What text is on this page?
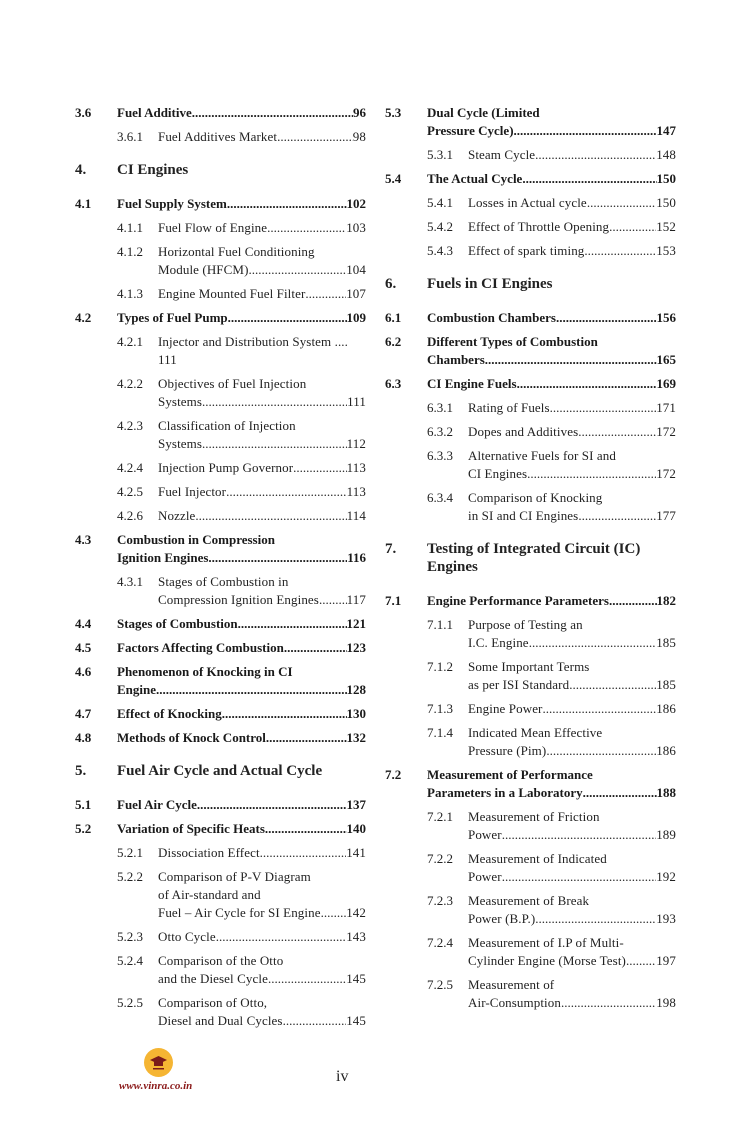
3.6 Fuel Additive .....	96
3.6.1 Fuel Additives Market .....	98
4. CI Engines
4.1 Fuel Supply System .....	102
4.1.1 Fuel Flow of Engine .....	103
4.1.2 Horizontal Fuel Conditioning
Module (HFCM) .....	104
4.1.3 Engine Mounted Fuel Filter .....	107
4.2 Types of Fuel Pump .....	109
4.2.1 Injector and Distribution System ....
111
4.2.2 Objectives of Fuel Injection
Systems .....	111
4.2.3 Classification of Injection
Systems .....	112
4.2.4 Injection Pump Governor .....	113
4.2.5 Fuel Injector .....	113
4.2.6 Nozzle .....	114
4.3 Combustion in Compression
Ignition Engines .....	116
4.3.1 Stages of Combustion in
Compression Ignition Engines ..... 117
4.4 Stages of Combustion .....	121
4.5 Factors Affecting Combustion .....	123
4.6 Phenomenon of Knocking in CI
Engine .....	128
4.7 Effect of Knocking .....	130
4.8 Methods of Knock Control .....	132
5. Fuel Air Cycle and Actual Cycle
5.1 Fuel Air Cycle .....	137
5.2 Variation of Specific Heats .....	140
5.2.1 Dissociation Effect .....	141
5.2.2 Comparison of P-V Diagram
of Air-standard and
Fuel – Air Cycle for SI Engine ..... 142
5.2.3 Otto Cycle .....	143
5.2.4 Comparison of the Otto
and the Diesel Cycle .....	145
5.2.5 Comparison of Otto,
Diesel and Dual Cycles .....	145
5.3 Dual Cycle (Limited
Pressure Cycle) .....	147
5.3.1 Steam Cycle .....	148
5.4 The Actual Cycle .....	150
5.4.1 Losses in Actual cycle .....	150
5.4.2 Effect of Throttle Opening .....	152
5.4.3 Effect of spark timing .....	153
6. Fuels in CI Engines
6.1 Combustion Chambers .....	156
6.2 Different Types of Combustion
Chambers .....	165
6.3 CI Engine Fuels .....	169
6.3.1 Rating of Fuels .....	171
6.3.2 Dopes and Additives .....	172
6.3.3 Alternative Fuels for SI and
CI Engines .....	172
6.3.4 Comparison of Knocking
in SI and CI Engines .....	177
7. Testing of Integrated Circuit (IC)
Engines
7.1 Engine Performance Parameters .....	182
7.1.1 Purpose of Testing an
I.C. Engine .....	185
7.1.2 Some Important Terms
as per ISI Standard .....	185
7.1.3 Engine Power .....	186
7.1.4 Indicated Mean Effective
Pressure (Pim) .....	186
7.2 Measurement of Performance
Parameters in a Laboratory .....	188
7.2.1 Measurement of Friction
Power .....	189
7.2.2 Measurement of Indicated
Power .....	192
7.2.3 Measurement of Break
Power (B.P.) .....	193
7.2.4 Measurement of I.P of Multi-
Cylinder Engine (Morse Test) ..... 197
7.2.5 Measurement of
Air-Consumption .....	198
www.vinra.co.in
iv
